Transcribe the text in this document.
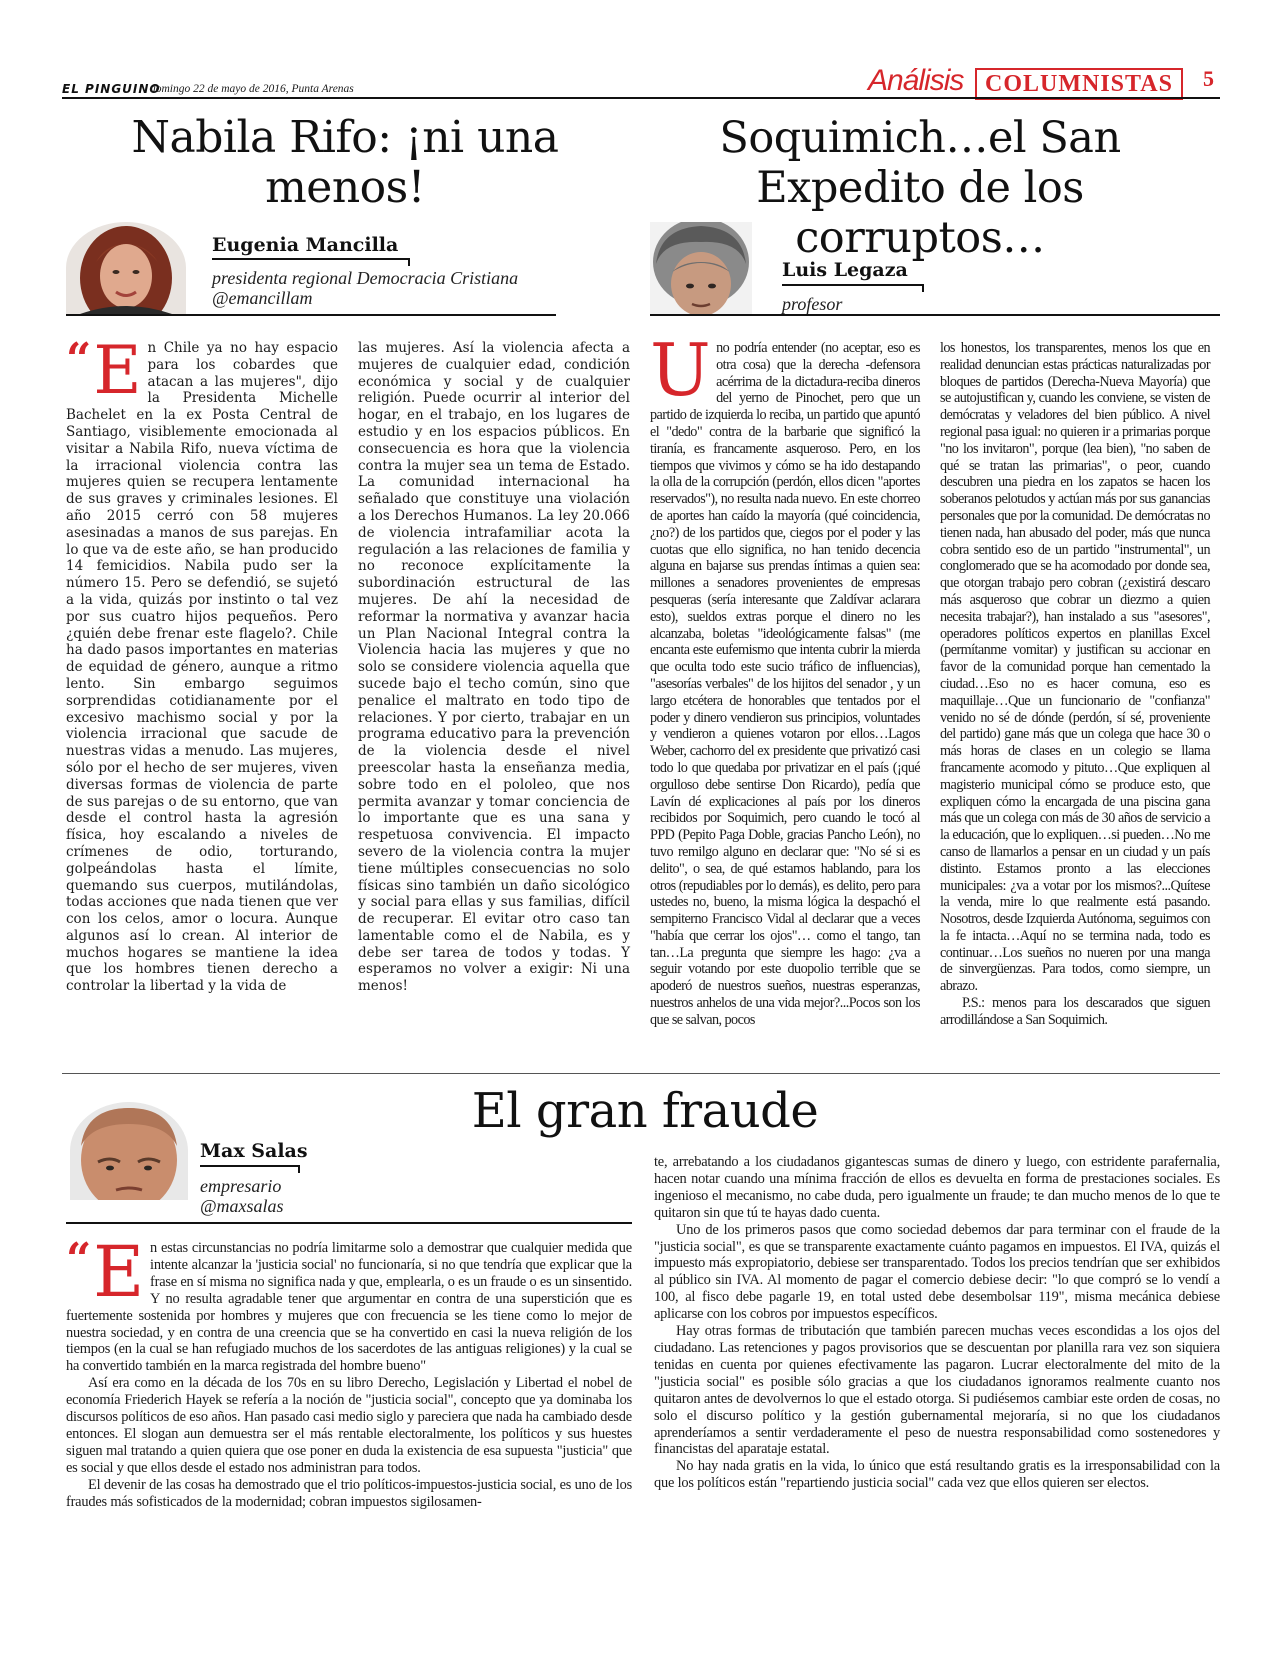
EL PINGUINO
domingo 22 de mayo de 2016, Punta Arenas	Análisis COLUMNISTAS	5
Nabila Rifo: ¡ni una menos!
Eugenia Mancilla
presidenta regional Democracia Cristiana
@emancillam
“ E n Chile ya no hay espacio para los cobardes que atacan a las mujeres", dijo la Presidenta Michelle Bachelet en la ex Posta Central de Santiago, visiblemente emocionada al visitar a Nabila Rifo, nueva víctima de la irracional violencia contra las mujeres quien se recupera lentamente de sus graves y criminales lesiones. El año 2015 cerró con 58 mujeres asesinadas a manos de sus parejas. En lo que va de este año, se han producido 14 femicidios. Nabila pudo ser la número 15. Pero se defendió, se sujetó a la vida, quizás por instinto o tal vez por sus cuatro hijos pequeños. Pero ¿quién debe frenar este flagelo?. Chile ha dado pasos importantes en materias de equidad de género, aunque a ritmo lento. Sin embargo seguimos sorprendidas cotidianamente por el excesivo machismo social y por la violencia irracional que sacude de nuestras vidas a menudo. Las mujeres, sólo por el hecho de ser mujeres, viven diversas formas de violencia de parte de sus parejas o de su entorno, que van desde el control hasta la agresión física, hoy escalando a niveles de crímenes de odio, torturando, golpeándolas hasta el límite, quemando sus cuerpos, mutilándolas, todas acciones que nada tienen que ver con los celos, amor o locura. Aunque algunos así lo crean. Al interior de muchos hogares se mantiene la idea que los hombres tienen derecho a controlar la libertad y la vida de

las mujeres. Así la violencia afecta a mujeres de cualquier edad, condición económica y social y de cualquier religión. Puede ocurrir al interior del hogar, en el trabajo, en los lugares de estudio y en los espacios públicos. En consecuencia es hora que la violencia contra la mujer sea un tema de Estado. La comunidad internacional ha señalado que constituye una violación a los Derechos Humanos. La ley 20.066 de violencia intrafamiliar acota la regulación a las relaciones de familia y no reconoce explícitamente la subordinación estructural de las mujeres. De ahí la necesidad de reformar la normativa y avanzar hacia un Plan Nacional Integral contra la Violencia hacia las mujeres y que no solo se considere violencia aquella que sucede bajo el techo común, sino que penalice el maltrato en todo tipo de relaciones. Y por cierto, trabajar en un programa educativo para la prevención de la violencia desde el nivel preescolar hasta la enseñanza media, sobre todo en el pololeo, que nos permita avanzar y tomar conciencia de lo importante que es una sana y respetuosa convivencia. El impacto severo de la violencia contra la mujer tiene múltiples consecuencias no solo físicas sino también un daño sicológico y social para ellas y sus familias, difícil de recuperar. El evitar otro caso tan lamentable como el de Nabila, es y debe ser tarea de todos y todas. Y esperamos no volver a exigir: Ni una menos!

Soquimich…el San Expedito de los corruptos…
Luis Legaza
profesor
U no podría entender (no aceptar, eso es otra cosa) que la derecha -defensora acérrima de la dictadura-reciba dineros del yerno de Pinochet, pero que un partido de izquierda lo reciba, un partido que apuntó el "dedo" contra de la barbarie que significó la tiranía, es francamente asqueroso. Pero, en los tiempos que vivimos y cómo se ha ido destapando la olla de la corrupción (perdón, ellos dicen "aportes reservados"), no resulta nada nuevo. En este chorreo de aportes han caído la mayoría (qué coincidencia, ¿no?) de los partidos que, ciegos por el poder y las cuotas que ello significa, no han tenido decencia alguna en bajarse sus prendas íntimas a quien sea: millones a senadores provenientes de empresas pesqueras (sería interesante que Zaldívar aclarara esto), sueldos extras porque el dinero no les alcanzaba, boletas "ideológicamente falsas" (me encanta este eufemismo que intenta cubrir la mierda que oculta todo este sucio tráfico de influencias), "asesorías verbales" de los hijitos del senador , y un largo etcétera de honorables que tentados por el poder y dinero vendieron sus principios, voluntades y vendieron a quienes votaron por ellos…Lagos Weber, cachorro del ex presidente que privatizó casi todo lo que quedaba por privatizar en el país (¡qué orgulloso debe sentirse Don Ricardo), pedía que Lavín dé explicaciones al país por los dineros recibidos por Soquimich, pero cuando le tocó al PPD (Pepito Paga Doble, gracias Pancho León), no tuvo remilgo alguno en declarar que: "No sé si es delito", o sea, de qué estamos hablando, para los otros (repudiables por lo demás), es delito, pero para ustedes no, bueno, la misma lógica la despachó el sempiterno Francisco Vidal al declarar que a veces "había que cerrar los ojos"… como el tango, tan tan…La pregunta que siempre les hago: ¿va a seguir votando por este duopolio terrible que se apoderó de nuestros sueños, nuestras esperanzas, nuestros anhelos de una vida mejor?...Pocos son los que se salvan, pocos

los honestos, los transparentes, menos los que en realidad denuncian estas prácticas naturalizadas por bloques de partidos (Derecha-Nueva Mayoría) que se autojustifican y, cuando les conviene, se visten de demócratas y veladores del bien público. A nivel regional pasa igual: no quieren ir a primarias porque "no los invitaron", porque (lea bien), "no saben de qué se tratan las primarias", o peor, cuando descubren una piedra en los zapatos se hacen los soberanos pelotudos y actúan más por sus ganancias personales que por la comunidad. De demócratas no tienen nada, han abusado del poder, más que nunca cobra sentido eso de un partido "instrumental", un conglomerado que se ha acomodado por donde sea, que otorgan trabajo pero cobran (¿existirá descaro más asqueroso que cobrar un diezmo a quien necesita trabajar?), han instalado a sus "asesores", operadores políticos expertos en planillas Excel (permítanme vomitar) y justifican su accionar en favor de la comunidad porque han cementado la ciudad…Eso no es hacer comuna, eso es maquillaje…Que un funcionario de "confianza" venido no sé de dónde (perdón, sí sé, proveniente del partido) gane más que un colega que hace 30 o más horas de clases en un colegio se llama francamente acomodo y pituto…Que expliquen al magisterio municipal cómo se produce esto, que expliquen cómo la encargada de una piscina gana más que un colega con más de 30 años de servicio a la educación, que lo expliquen…si pueden…No me canso de llamarlos a pensar en un ciudad y un país distinto. Estamos pronto a las elecciones municipales: ¿va a votar por los mismos?...Quítese la venda, mire lo que realmente está pasando. Nosotros, desde Izquierda Autónoma, seguimos con la fe intacta…Aquí no se termina nada, todo es continuar…Los sueños no nueren por una manga de sinvergüenzas. Para todos, como siempre, un abrazo.

P.S.: menos para los descarados que siguen arrodillándose a San Soquimich.

El gran fraude
Max Salas
empresario
@maxsalas
“ E n estas circunstancias no podría limitarme solo a demostrar que cualquier medida que intente alcanzar la 'justicia social' no funcionaría, si no que tendría que explicar que la frase en sí misma no significa nada y que, emplearla, o es un fraude o es un sinsentido. Y no resulta agradable tener que argumentar en contra de una superstición que es fuertemente sostenida por hombres y mujeres que con frecuencia se les tiene como lo mejor de nuestra sociedad, y en contra de una creencia que se ha convertido en casi la nueva religión de los tiempos (en la cual se han refugiado muchos de los sacerdotes de las antiguas religiones) y la cual se ha convertido también en la marca registrada del hombre bueno"

Así era como en la década de los 70s en su libro Derecho, Legislación y Libertad el nobel de economía Friederich Hayek se refería a la noción de "justicia social", concepto que ya dominaba los discursos políticos de eso años. Han pasado casi medio siglo y pareciera que nada ha cambiado desde entonces. El slogan aun demuestra ser el más rentable electoralmente, los políticos y sus huestes siguen mal tratando a quien quiera que ose poner en duda la existencia de esa supuesta "justicia" que es social y que ellos desde el estado nos administran para todos.

El devenir de las cosas ha demostrado que el trio políticos-impuestos-justicia social, es uno de los fraudes más sofisticados de la modernidad; cobran impuestos sigilosamen-

te, arrebatando a los ciudadanos gigantescas sumas de dinero y luego, con estridente parafernalia, hacen notar cuando una mínima fracción de ellos es devuelta en forma de prestaciones sociales. Es ingenioso el mecanismo, no cabe duda, pero igualmente un fraude; te dan mucho menos de lo que te quitaron sin que tú te hayas dado cuenta.

Uno de los primeros pasos que como sociedad debemos dar para terminar con el fraude de la "justicia social", es que se transparente exactamente cuánto pagamos en impuestos. El IVA, quizás el impuesto más expropiatorio, debiese ser transparentado. Todos los precios tendrían que ser exhibidos al público sin IVA. Al momento de pagar el comercio debiese decir: "lo que compró se lo vendí a 100, al fisco debe pagarle 19, en total usted debe desembolsar 119", misma mecánica debiese aplicarse con los cobros por impuestos específicos.

Hay otras formas de tributación que también parecen muchas veces escondidas a los ojos del ciudadano. Las retenciones y pagos provisorios que se descuentan por planilla rara vez son siquiera tenidas en cuenta por quienes efectivamente las pagaron. Lucrar electoralmente del mito de la "justicia social" es posible sólo gracias a que los ciudadanos ignoramos realmente cuanto nos quitaron antes de devolvernos lo que el estado otorga. Si pudiésemos cambiar este orden de cosas, no solo el discurso político y la gestión gubernamental mejoraría, si no que los ciudadanos aprenderíamos a sentir verdaderamente el peso de nuestra responsabilidad como sostenedores y financistas del aparataje estatal.

No hay nada gratis en la vida, lo único que está resultando gratis es la irresponsabilidad con la que los políticos están "repartiendo justicia social" cada vez que ellos quieren ser electos.
